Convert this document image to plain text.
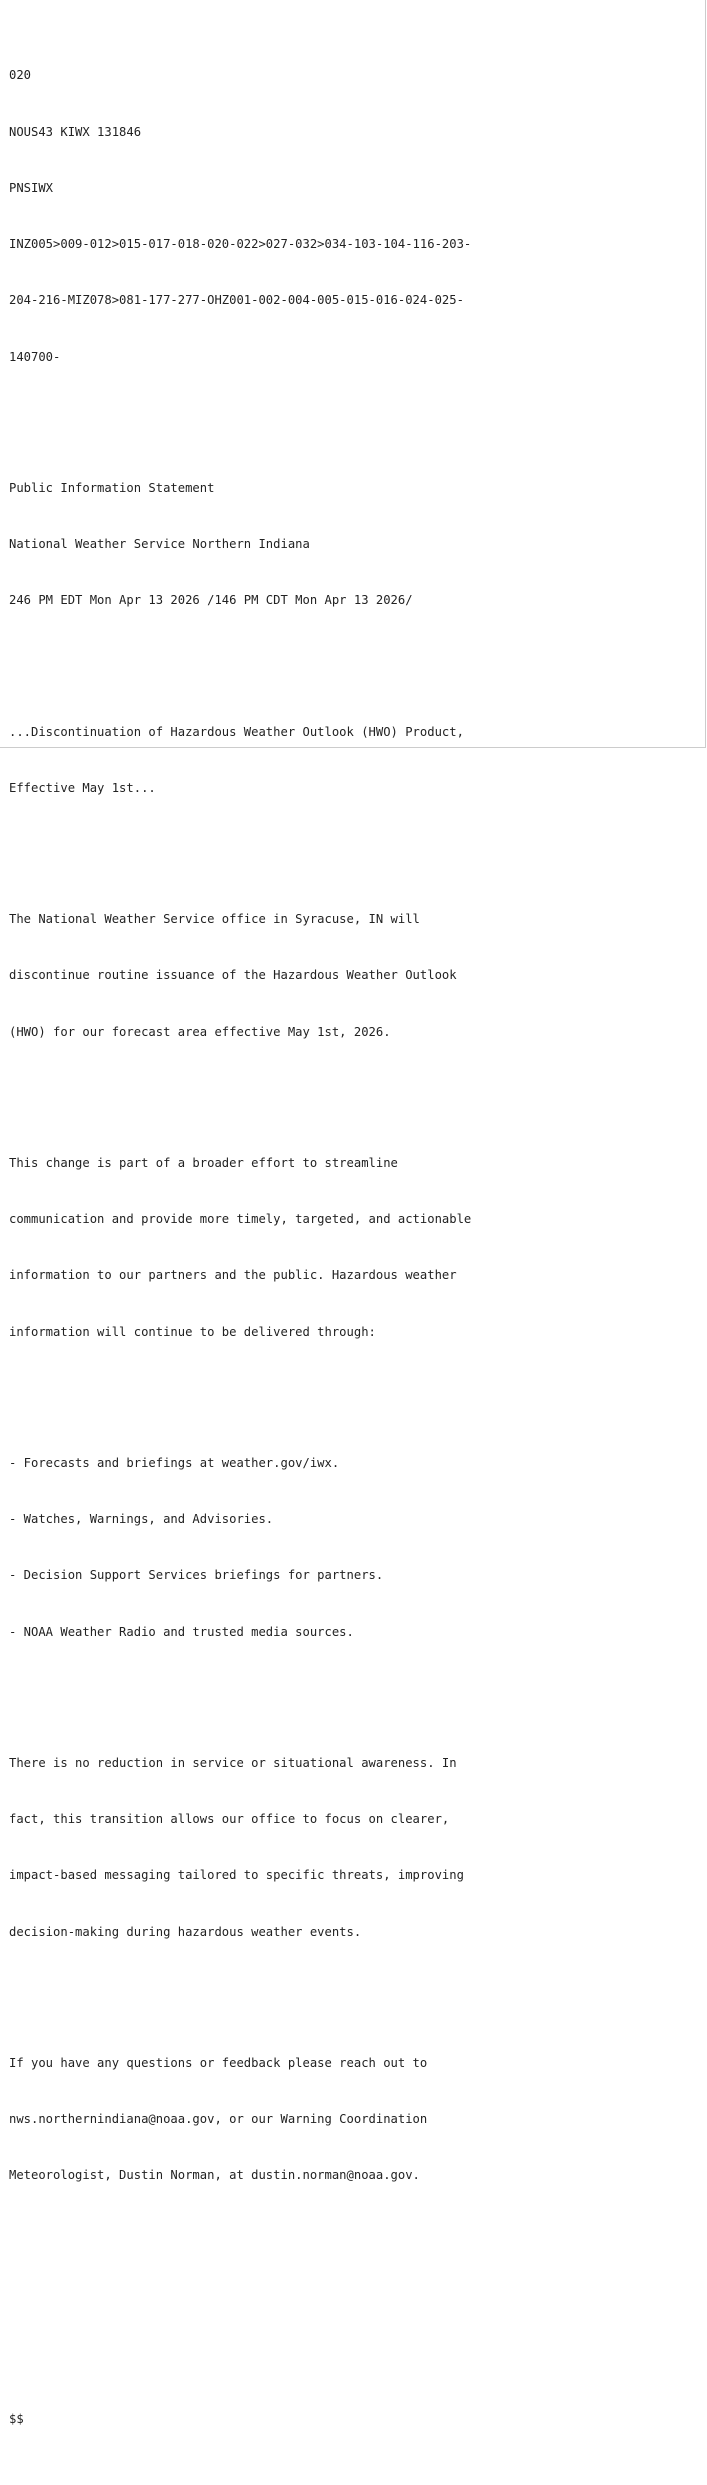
020

NOUS43 KIWX 131846

PNSIWX

INZ005>009-012>015-017-018-020-022>027-032>034-103-104-116-203-

204-216-MIZ078>081-177-277-OHZ001-002-004-005-015-016-024-025-

140700-

Public Information Statement

National Weather Service Northern Indiana

246 PM EDT Mon Apr 13 2026 /146 PM CDT Mon Apr 13 2026/

...Discontinuation of Hazardous Weather Outlook (HWO) Product,

Effective May 1st...

The National Weather Service office in Syracuse, IN will

discontinue routine issuance of the Hazardous Weather Outlook

(HWO) for our forecast area effective May 1st, 2026.

This change is part of a broader effort to streamline

communication and provide more timely, targeted, and actionable

information to our partners and the public. Hazardous weather

information will continue to be delivered through:

- Forecasts and briefings at weather.gov/iwx.

- Watches, Warnings, and Advisories.

- Decision Support Services briefings for partners.

- NOAA Weather Radio and trusted media sources.

There is no reduction in service or situational awareness. In

fact, this transition allows our office to focus on clearer,

impact-based messaging tailored to specific threats, improving

decision-making during hazardous weather events.

If you have any questions or feedback please reach out to

nws.northernindiana@noaa.gov, or our Warning Coordination

Meteorologist, Dustin Norman, at dustin.norman@noaa.gov.

$$
